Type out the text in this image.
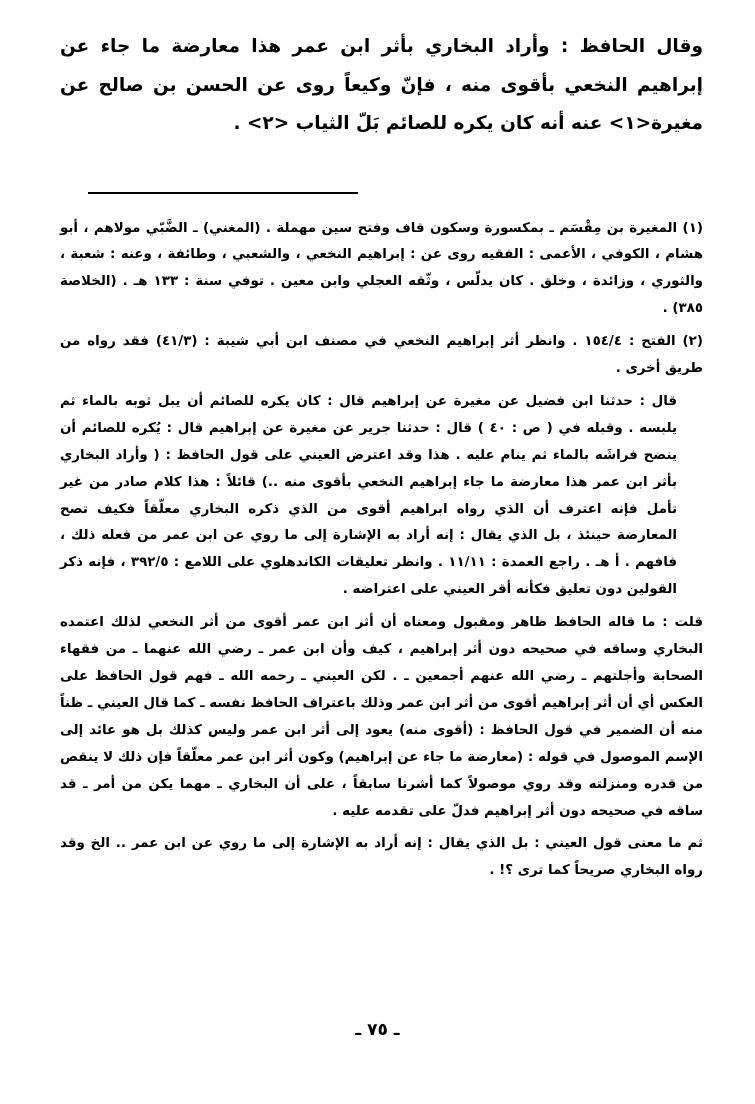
وقال الحافظ : وأراد البخاري بأثر ابن عمر هذا معارضة ما جاء عن إبراهيم النخعي بأقوى منه ، فإنّ وكيعاً روى عن الحسن بن صالح عن مغيرة<١> عنه أنه كان يكره للصائم بَلّ الثياب <٢> .

(١) المغيرة بن مِقْسَم ـ بمكسورة وسكون قاف وفتح سين مهملة . (المغني) ـ الضَّبّي مولاهم ، أبو هشام ، الكوفي ، الأعمى : الفقيه روى عن : إبراهيم النخعي ، والشعبي ، وطائفة ، وعنه : شعبة ، والثوري ، وزائدة ، وخلق . كان يدلّس ، وثّقه العجلي وابن معين . توفي سنة : ١٣٣ هـ . (الخلاصة ٣٨٥) .

(٢) الفتح : ١٥٤/٤ . وانظر أثر إبراهيم النخعي في مصنف ابن أبي شيبة : (٤١/٣) فقد رواه من طريق أخرى .

قال : حدثنا ابن فضيل عن مغيرة عن إبراهيم قال : كان يكره للصائم أن يبل ثوبه بالماء ثم يلبسه . وقبله في ( ص : ٤٠ ) قال : حدثنا جرير عن مغيرة عن إبراهيم قال : يُكره للصائم أن ينضح فراشَه بالماء ثم ينام عليه . هذا وقد اعترض العيني على قول الحافظ : ( وأراد البخاري بأثر ابن عمر هذا معارضة ما جاء إبراهيم النخعي بأقوى منه ..) قائلاً : هذا كلام صادر من غير تأمل فإنه اعترف أن الذي رواه ابراهيم أقوى من الذي ذكره البخاري معلّقاً فكيف تصح المعارضة حينئذ ، بل الذي يقال : إنه أراد به الإشارة إلى ما روي عن ابن عمر من فعله ذلك ، فافهم . أ هـ . راجع العمدة : ١١/١١ . وانظر تعليقات الكاندهلوي على اللامع : ٣٩٢/٥ ، فإنه ذكر القولين دون تعليق فكأنه أقر العيني على اعتراضه .

قلت : ما قاله الحافظ ظاهر ومقبول ومعناه أن أثر ابن عمر أقوى من أثر النخعي لذلك اعتمده البخاري وساقه في صحيحه دون أثر إبراهيم ، كيف وأن ابن عمر ـ رضي الله عنهما ـ من فقهاء الصحابة وأجلتهم ـ رضي الله عنهم أجمعين ـ . لكن العيني ـ رحمه الله ـ فهم قول الحافظ على العكس أي أن أثر إبراهيم أقوى من أثر ابن عمر وذلك باعتراف الحافظ نفسه ـ كما قال العيني ـ ظناً منه أن الضمير في قول الحافظ : (أقوى منه) يعود إلى أثر ابن عمر وليس كذلك بل هو عائد إلى الإسم الموصول في قوله : (معارضة ما جاء عن إبراهيم) وكون أثر ابن عمر معلّقاً فإن ذلك لا ينقص من قدره ومنزلته وقد روي موصولاً كما أشرنا سابقاً ، على أن البخاري ـ مهما يكن من أمر ـ قد ساقه في صحيحه دون أثر إبراهيم فدلّ على تقدمه عليه .

ثم ما معنى قول العيني : بل الذي يقال : إنه أراد به الإشارة إلى ما روي عن ابن عمر .. الخ وقد رواه البخاري صريحاً كما ترى ؟! .

ـ ٧٥ ـ
